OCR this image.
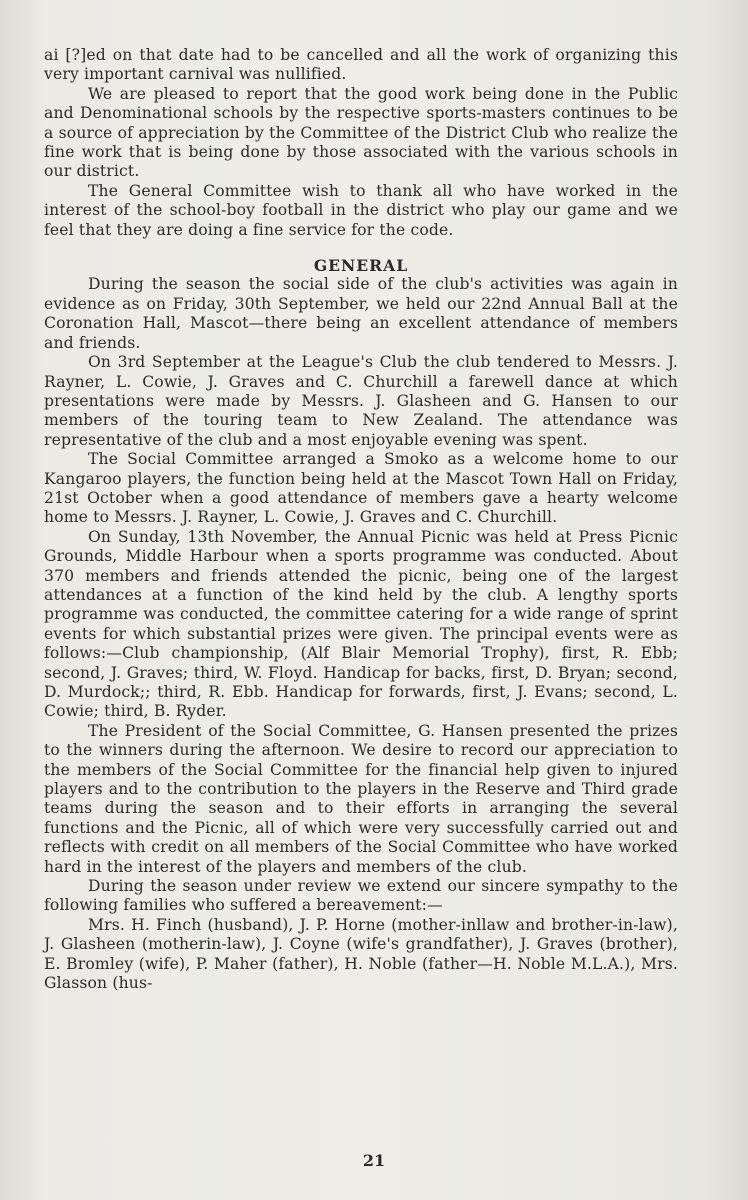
ai [?]ed on that date had to be cancelled and all the work of organizing this very important carnival was nullified.

We are pleased to report that the good work being done in the Public and Denominational schools by the respective sports-masters continues to be a source of appreciation by the Committee of the District Club who realize the fine work that is being done by those associated with the various schools in our district.

The General Committee wish to thank all who have worked in the interest of the school-boy football in the district who play our game and we feel that they are doing a fine service for the code.

GENERAL

During the season the social side of the club's activities was again in evidence as on Friday, 30th September, we held our 22nd Annual Ball at the Coronation Hall, Mascot—there being an excellent attendance of members and friends.

On 3rd September at the League's Club the club tendered to Messrs. J. Rayner, L. Cowie, J. Graves and C. Churchill a farewell dance at which presentations were made by Messrs. J. Glasheen and G. Hansen to our members of the touring team to New Zealand. The attendance was representative of the club and a most enjoyable evening was spent.

The Social Committee arranged a Smoko as a welcome home to our Kangaroo players, the function being held at the Mascot Town Hall on Friday, 21st October when a good attendance of members gave a hearty welcome home to Messrs. J. Rayner, L. Cowie, J. Graves and C. Churchill.

On Sunday, 13th November, the Annual Picnic was held at Press Picnic Grounds, Middle Harbour when a sports programme was conducted. About 370 members and friends attended the picnic, being one of the largest attendances at a function of the kind held by the club. A lengthy sports programme was conducted, the committee catering for a wide range of sprint events for which substantial prizes were given. The principal events were as follows:—Club championship, (Alf Blair Memorial Trophy), first, R. Ebb; second, J. Graves; third, W. Floyd. Handicap for backs, first, D. Bryan; second, D. Murdock;; third, R. Ebb. Handicap for forwards, first, J. Evans; second, L. Cowie; third, B. Ryder.

The President of the Social Committee, G. Hansen presented the prizes to the winners during the afternoon. We desire to record our appreciation to the members of the Social Committee for the financial help given to injured players and to the contribution to the players in the Reserve and Third grade teams during the season and to their efforts in arranging the several functions and the Picnic, all of which were very successfully carried out and reflects with credit on all members of the Social Committee who have worked hard in the interest of the players and members of the club.

During the season under review we extend our sincere sympathy to the following families who suffered a bereavement:—

Mrs. H. Finch (husband), J. P. Horne (mother-inllaw and brother-in-law), J. Glasheen (motherin-law), J. Coyne (wife's grandfather), J. Graves (brother), E. Bromley (wife), P. Maher (father), H. Noble (father—H. Noble M.L.A.), Mrs. Glasson (hus-

21
